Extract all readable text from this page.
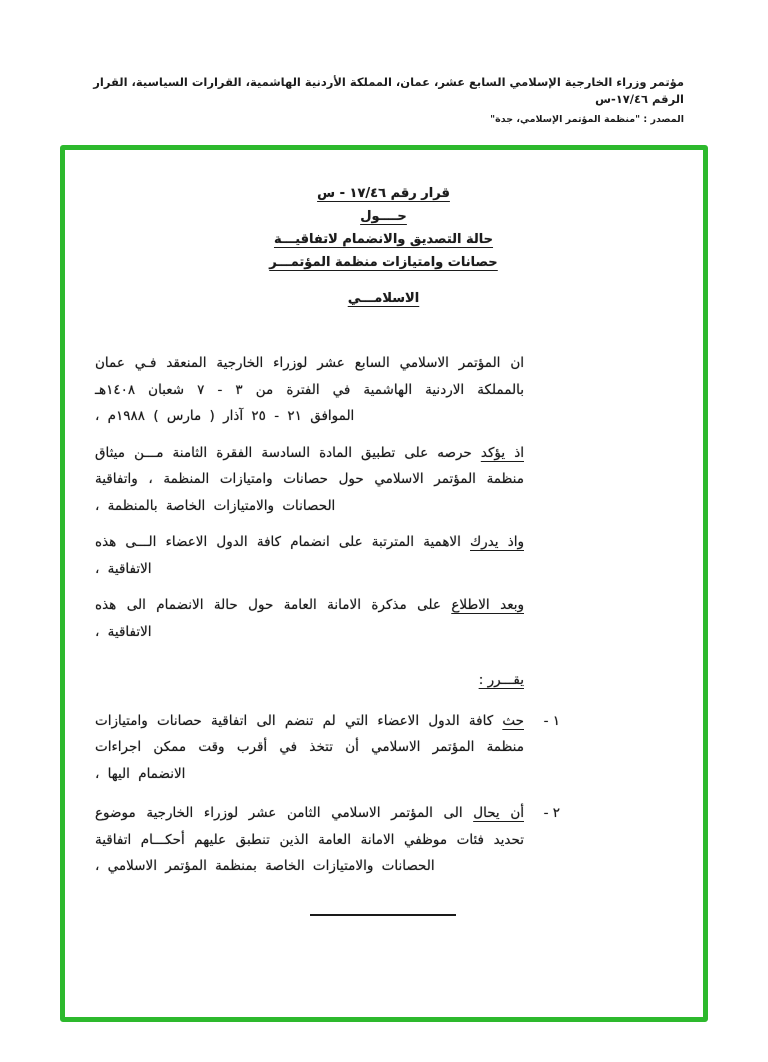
مؤتمر وزراء الخارجية الإسلامي السابع عشر، عمان، المملكة الأردنية الهاشمية، القرارات السياسية، القرار الرقم ١٧/٤٦-س
المصدر : "منظمة المؤتمر الإسلامي، جدة"
قرار رقم ١٧/٤٦ - س
حــــول
حالة التصديق والانضمام لاتفاقيـــة
حصانات وامتيازات منظمة المؤتمـــر
الاسلامـــي

ان المؤتمر الاسلامي السابع عشر لوزراء الخارجية المنعقد فـي عمان بالمملكة الاردنية الهاشمية في الفترة من ٣ - ٧ شعبان ١٤٠٨هـ الموافق ٢١ - ٢٥ آذار ( مارس ) ١٩٨٨م ،

اذ يؤكد حرصه على تطبيق المادة السادسة الفقرة الثامنة مـــن ميثاق منظمة المؤتمر الاسلامي حول حصانات وامتيازات المنظمة ، واتفاقية الحصانات والامتيازات الخاصة بالمنظمة ،

واذ يدرك الاهمية المترتبة على انضمام كافة الدول الاعضاء الـــى هذه الاتفاقية ،

وبعد الاطلاع على مذكرة الامانة العامة حول حالة الانضمام الى هذه الاتفاقية ،

يقـــرر :

١ -
حث كافة الدول الاعضاء التي لم تنضم الى اتفاقية حصانات وامتيازات منظمة المؤتمر الاسلامي أن تتخذ في أقرب وقت ممكن اجراءات الانضمام اليها ،
٢ -
أن يحال الى المؤتمر الاسلامي الثامن عشر لوزراء الخارجية موضوع تحديد فئات موظفي الامانة العامة الذين تنطبق عليهم أحكـــام اتفاقية الحصانات والامتيازات الخاصة بمنظمة المؤتمر الاسلامي ،
